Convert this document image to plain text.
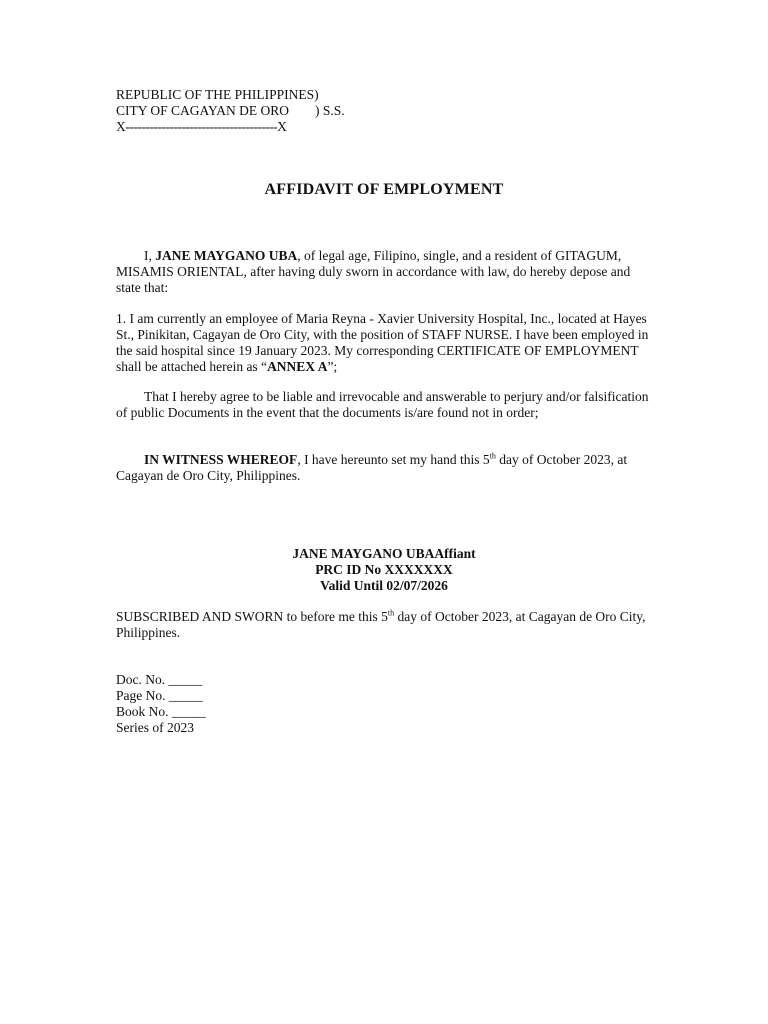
REPUBLIC OF THE PHILIPPINES)
CITY OF CAGAYAN DE ORO ) S.S.
X--------------------------------------X
AFFIDAVIT OF EMPLOYMENT
I, JANE MAYGANO UBA, of legal age, Filipino, single, and a resident of GITAGUM, MISAMIS ORIENTAL, after having duly sworn in accordance with law, do hereby depose and state that:
1. I am currently an employee of Maria Reyna - Xavier University Hospital, Inc., located at Hayes St., Pinikitan, Cagayan de Oro City, with the position of STAFF NURSE. I have been employed in the said hospital since 19 January 2023. My corresponding CERTIFICATE OF EMPLOYMENT shall be attached herein as “ANNEX A”;
That I hereby agree to be liable and irrevocable and answerable to perjury and/or falsification of public Documents in the event that the documents is/are found not in order;
IN WITNESS WHEREOF, I have hereunto set my hand this 5th day of October 2023, at Cagayan de Oro City, Philippines.
JANE MAYGANO UBAAffiant
PRC ID No XXXXXXX
Valid Until 02/07/2026
SUBSCRIBED AND SWORN to before me this 5th day of October 2023, at Cagayan de Oro City, Philippines.
Doc. No. _____
Page No. _____
Book No. _____
Series of 2023
